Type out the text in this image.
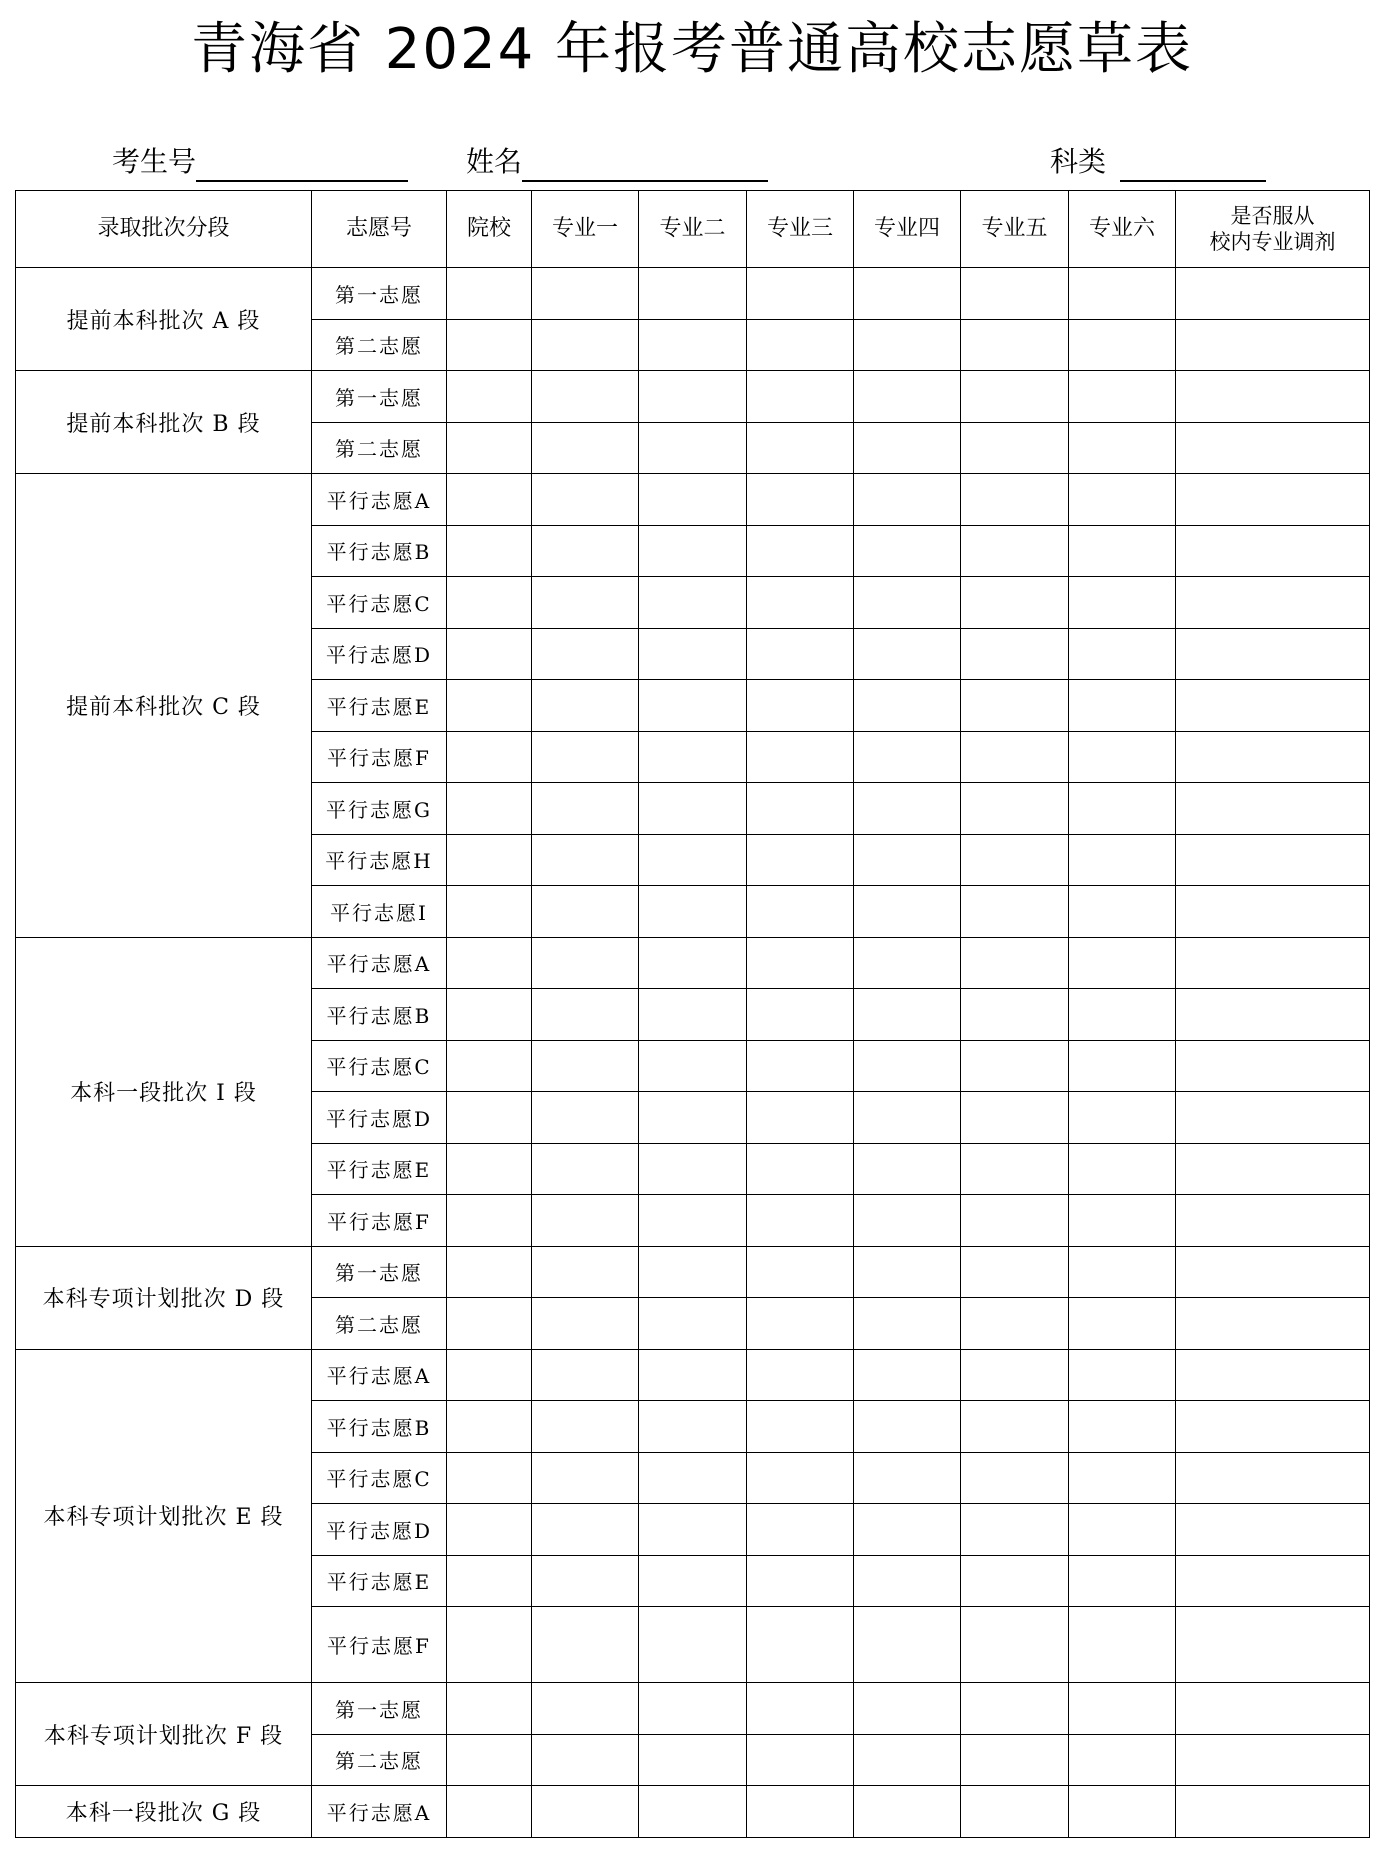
青海省 2024 年报考普通高校志愿草表
考生号	姓名	科类
录取批次分段	志愿号	院校	专业一	专业二	专业三	专业四	专业五	专业六	是否服从
校内专业调剂
提前本科批次 A 段	第一志愿								
	第二志愿								
提前本科批次 B 段	第一志愿								
	第二志愿								
提前本科批次 C 段	平行志愿A								
	平行志愿B								
	平行志愿C								
	平行志愿D								
	平行志愿E								
	平行志愿F								
	平行志愿G								
	平行志愿H								
	平行志愿I								
本科一段批次 I 段	平行志愿A								
	平行志愿B								
	平行志愿C								
	平行志愿D								
	平行志愿E								
	平行志愿F								
本科专项计划批次 D 段	第一志愿								
	第二志愿								
本科专项计划批次 E 段	平行志愿A								
	平行志愿B								
	平行志愿C								
	平行志愿D								
	平行志愿E								
	平行志愿F								
本科专项计划批次 F 段	第一志愿								
	第二志愿								
本科一段批次 G 段	平行志愿A								
